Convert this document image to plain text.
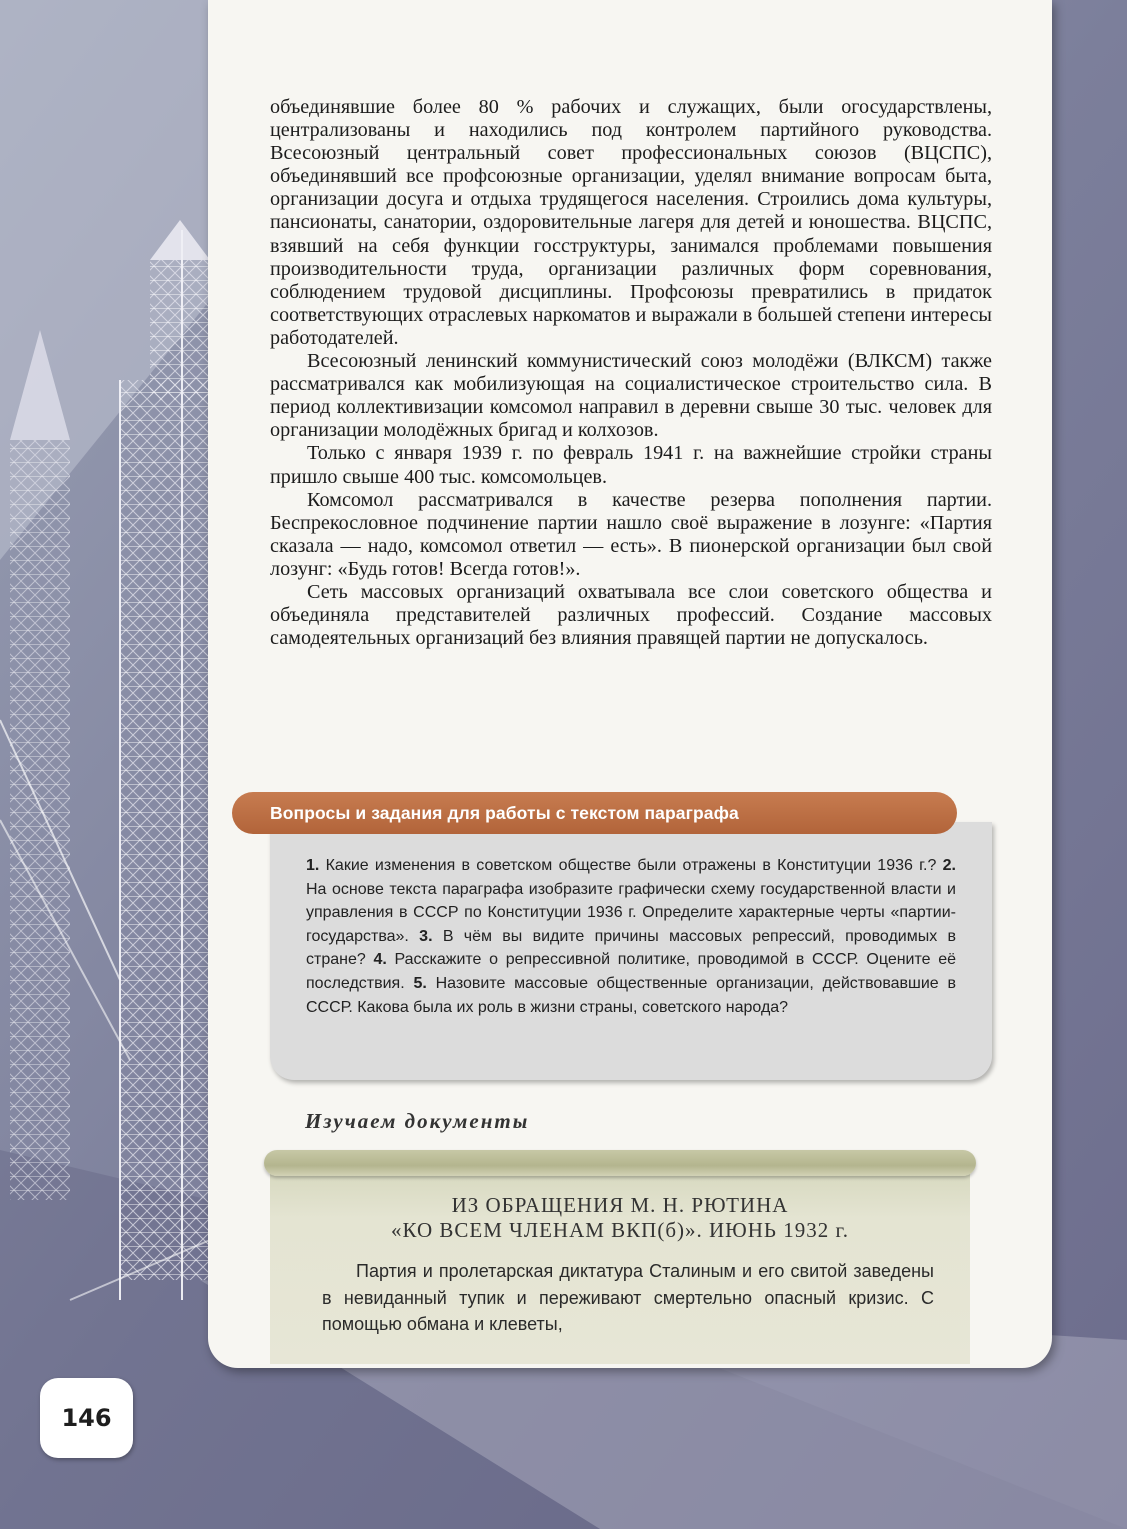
объединявшие более 80 % рабочих и служащих, были огосударствлены, централизованы и находились под контролем партийного руководства. Всесоюзный центральный совет профессиональных союзов (ВЦСПС), объединявший все профсоюзные организации, уделял внимание вопросам быта, организации досуга и отдыха трудящегося населения. Строились дома культуры, пансионаты, санатории, оздоровительные лагеря для детей и юношества. ВЦСПС, взявший на себя функции госструктуры, занимался проблемами повышения производительности труда, организации различных форм соревнования, соблюдением трудовой дисциплины. Профсоюзы превратились в придаток соответствующих отраслевых наркоматов и выражали в большей степени интересы работодателей.

Всесоюзный ленинский коммунистический союз молодёжи (ВЛКСМ) также рассматривался как мобилизующая на социалистическое строительство сила. В период коллективизации комсомол направил в деревни свыше 30 тыс. человек для организации молодёжных бригад и колхозов.

Только с января 1939 г. по февраль 1941 г. на важнейшие стройки страны пришло свыше 400 тыс. комсомольцев.

Комсомол рассматривался в качестве резерва пополнения партии. Беспрекословное подчинение партии нашло своё выражение в лозунге: «Партия сказала — надо, комсомол ответил — есть». В пионерской организации был свой лозунг: «Будь готов! Всегда готов!».

Сеть массовых организаций охватывала все слои советского общества и объединяла представителей различных профессий. Создание массовых самодеятельных организаций без влияния правящей партии не допускалось.

Вопросы и задания для работы с текстом параграфа
1. Какие изменения в советском обществе были отражены в Конституции 1936 г.? 2. На основе текста параграфа изобразите графически схему государственной власти и управления в СССР по Конституции 1936 г. Определите характерные черты «партии-государства». 3. В чём вы видите причины массовых репрессий, проводимых в стране? 4. Расскажите о репрессивной политике, проводимой в СССР. Оцените её последствия. 5. Назовите массовые общественные организации, действовавшие в СССР. Какова была их роль в жизни страны, советского народа?
Изучаем документы
ИЗ ОБРАЩЕНИЯ М. Н. РЮТИНА
«КО ВСЕМ ЧЛЕНАМ ВКП(б)». ИЮНЬ 1932 г.
Партия и пролетарская диктатура Сталиным и его свитой заведены в невиданный тупик и переживают смертельно опасный кризис. С помощью обмана и клеветы,
146
